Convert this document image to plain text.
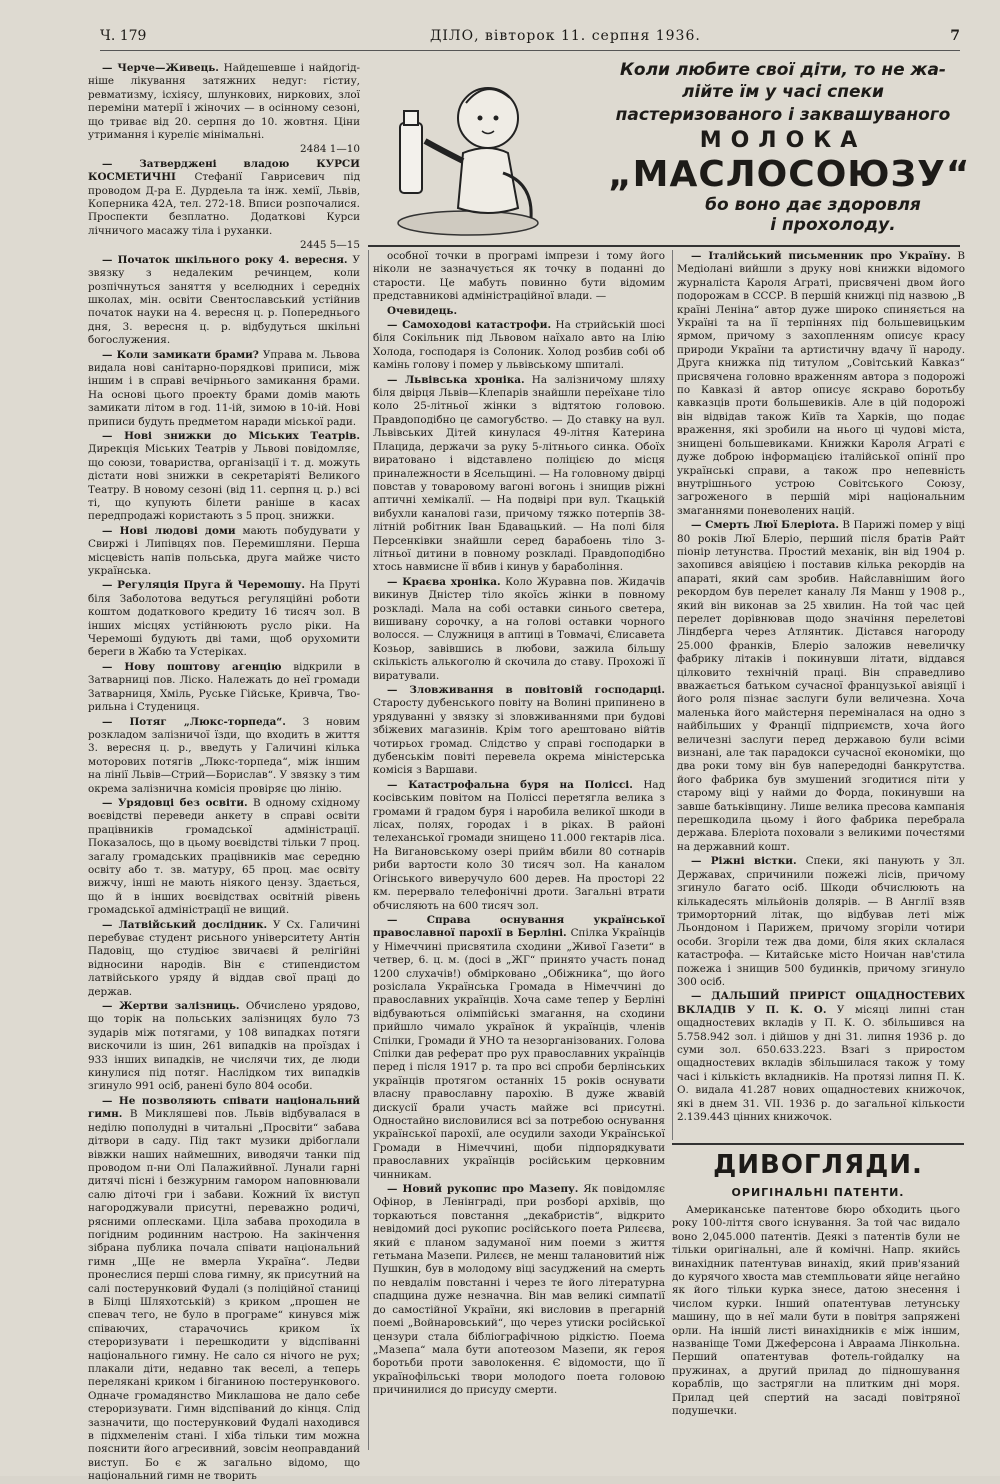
Ч. 179	ДІЛО, вівторок 11. серпня 1936.	7
Коли любите свої діти, то не жа-
лійте їм у часі спеки
пастеризованого і заквашуваного
МОЛОКА
„МАСЛОСОЮЗУ“
бо воно дає здоровля
і прохолоду.

— Черче—Живець. Найдешевше і найдогід-ніше лікування затяжних недуг: гістиу, ревматизму, ісхіясу, шлункових, ниркових, злої переміни матерії і жіночих — в осінному сезоні, що триває від 20. серпня до 10. жовтня. Ціни утримання і куреліє мінімальні.

2484 1—10

— Затверджені владою КУРСИ КОСМЕТИЧНІ Стефанії Гаврисевич під проводом Д-ра Е. Дурдеьла та інж. хемії, Львів, Коперника 42А, тел. 272-18. Вписи розпочалися. Проспекти безплатно. Додаткові Курси лічничого масажу тіла і руханки.

2445 5—15

— Початок шкільного року 4. вересня. У звязку з недалеким речинцем, коли розпічнуться заняття у вселюдних і середніх школах, мін. освіти Свентославський устійнив початок науки на 4. вересня ц. р. Попереднього дня, 3. вересня ц. р. відбудуться шкільні богослужения.

— Коли замикати брами? Управа м. Львова видала нові санітарно-порядкові приписи, між іншим і в справі вечірнього замикання брами. На основі цього проекту брами домів мають замикати літом в год. 11-ій, зимою в 10-ій. Нові приписи будуть предметом наради міської ради.

— Нові знижки до Міських Театрів. Дирекція Міських Театрів у Львові повідомляє, що союзи, товариства, організації і т. д. можуть дістати нові знижки в секретаріяті Великого Театру. В новому сезоні (від 11. серпня ц. р.) всі ті, що купують білети раніше в касах передпродажі користають з 5 проц. знижки.

— Нові людові доми мають побудувати у Свиржі і Липівцях пов. Перемишляни. Перша місцевість напів польська, друга майже чисто українська.

— Регуляція Пруга й Черемошу. На Пруті біля Заболотова ведуться регуляційні роботи коштом додаткового кредиту 16 тисяч зол. В інших місцях устійнюють русло ріки. На Черемоші будують дві тами, щоб орухомити береги в Жабю та Устеріках.

— Нову поштову агенцію відкрили в Затварниці пов. Ліско. Належать до неї громади Затварниця, Хміль, Руське Гійське, Кривча, Тво-рильна і Студениця.

— Потяг „Люкс-торпеда“. З новим розкладом залізничої їзди, що входить в життя 3. вересня ц. р., введуть у Галичині кілька моторових потягів „Люкс-торпеда“, між іншим на лінії Львів—Стрий—Борислав“. У звязку з тим окрема залізнична комісія провіряє цю лінію.

— Урядовці без освіти. В одному східному воєвідстві переведи анкету в справі освіти працівників громадської адміністрації. Показалось, що в цьому воєвідстві тільки 7 проц. загалу громадських працівників має середню освіту або т. зв. матуру, 65 проц. має освіту вижчу, інші не мають ніякого цензу. Здається, що й в інших воєвідствах освітній рівень громадської адміністрації не вищий.

— Латвійський дослідник. У Сх. Галичині перебуває студент рисьного університету Антін Падовіц, що студіює звичаєві й релігійні відносини народів. Він є стипендистом латвійського уряду й віддав свої праці до держав.

— Жертви залізниць. Обчислено урядово, що торік на польських залізницях було 73 зударів між потягами, у 108 випадках потяги вискочили із шин, 261 випадків на проїздах і 933 інших випадків, не числячи тих, де люди кинулися під потяг. Наслідком тих випадків згинуло 991 осіб, ранені було 804 особи.

— Не позволяють співати національний гимн. В Микляшеві пов. Львів відбувалася в неділю пополудні в читальні „Просвіти“ забава дітвори в саду. Під такт музики дрібоглали вівжки наших наймешних, виводячи танки під проводом п-ни Олі Палажийвної. Лунали гарні дитячі пісні і безжурним гамором наповнювали салю діточі гри і забави. Кожний їх виступ нагороджували присутні, переважно родичі, рясними оплесками. Ціла забава проходила в погідним родинним настрою. На закінчення зібрана публика почала співати національний гимн „Ще не вмерла Україна“. Ледви пронеслися перші слова гимну, як присутний на салі постерунковий Фудалі (з поліційної станиці в Білці Шляхотській) з криком „прошен не спевач тего, не було в програме“ кинувся між співаючих, старачочись криком їх стероризувати і перешкодити у відспіванні національного гимну. Не сало ся нічого не рух; плакали діти, недавно так веселі, а теперь перелякані криком і біганиною постерункового. Одначе громадянство Миклашова не дало себе стероризувати. Гимн відспіваний до кінця. Слід зазначити, що постерунковий Фудалі находився в підхмеленім стані. І хіба тільки тим можна пояснити його агресивний, зовсім неоправданий виступ. Бо є ж загально відомо, що національний гимн не творить

особної точки в програмі імпрези і тому його ніколи не зазначується як точку в поданні до старости. Це мабуть повинно бути відомим представникові адміністраційної влади. —

Очевидець.

— Самоходові катастрофи. На стрийській шосі біля Сокільник під Львовом наїхало авто на Ілію Холода, господаря із Солоник. Холод розбив собі об камінь голову і помер у львівському шпиталі.

— Львівська хроніка. На залізничому шляху біля двірця Львів—Клепарів знайшли переїхане тіло коло 25-літньої жінки з відтятою головою. Правдоподібно це самогубство. — До ставку на вул. Львівських Дітей кинулася 49-літня Катерина Плацида, держачи за руку 5-літнього синка. Обоїх виратовано і відставлено поліцією до місця приналежности в Ясельщині. — На головному двірці повстав у товаровому вагоні вогонь і знищив ріжні аптичні хемікалії. — На подвірі при вул. Ткацькій вибухли каналові гази, причому тяжко потерпів 38-літній робітник Іван Бдавацький. — На полі біля Персенківки знайшли серед барабоень тіло 3-літньої дитини в повному розкладі. Правдоподібно хтось навмисне її вбив і кинув у барабоління.

— Краєва хроніка. Коло Журавна пов. Жидачів викинув Дністер тіло якоїсь жінки в повному розкладі. Мала на собі оставки синього светера, вишивану сорочку, а на голові оставки чорного волосся. — Служниця в аптиці в Товмачі, Єлисавета Козьор, завівшись в любови, зажила більшу скількість алькоголю й скочила до ставу. Прохожі її виратували.

— Зловживання в повітовій господарці. Старосту дубенського повіту на Волині припинено в урядуванні у звязку зі зловживаннями при будові збіжевих магазинів. Крім того арештовано війтів чотирьох громад. Слідство у справі господарки в дубенськім повіті перевела окрема міністерська комісія з Варшави.

— Катастрофальна буря на Поліссі. Над косівським повітом на Поліссі перетягла велика з громами й градом буря і наробила великої шкоди в лісах, полях, городах і в ріках. В районі телеханської громади знищено 11.000 гектарів ліса. На Вигановському озері прийм вбили 80 сотнарів риби вартости коло 30 тисяч зол. На каналом Огінського виверучуло 600 дерев. На просторі 22 км. перервало телефонічні дроти. Загальні втрати обчисляють на 600 тисяч зол.

— Справа оснування української православної парохії в Берліні. Спілка Українців у Німеччині присвятила сходини „Живої Газети“ в четвер, 6. ц. м. (досі в „ЖГ“ принято участь понад 1200 слухачів!) обмірковано „Обіжника“, що його розіслала Українська Громада в Німеччині до православних українців. Хоча саме тепер у Берліні відбуваються олімпійські змагання, на сходини прийшло чимало українок й українців, членів Спілки, Громади й УНО та незорганізованих. Голова Спілки дав реферат про рух православних українців перед і після 1917 р. та про всі спроби берлінських українців протягом останніх 15 років оснувати власну православну парохію. В дуже жвавій дискусії брали участь майже всі присутні. Одностайно висловилися всі за потребою оснування української парохії, але осудили заходи Української Громади в Німеччині, щоби підпорядкувати православних українців російським церковним чинникам.

— Новий рукопис про Мазепу. Як повідомляє Офінор, в Ленінграді, при розборі архівів, що торкаються повстання „декабристів“, відкрито невідомий досі рукопис російського поета Рилєєва, який є планом задуманої ним поеми з життя гетьмана Мазепи. Рилєєв, не менш талановитий ніж Пушкин, був в молодому віці засуджений на смерть по невдалім повстанні і через те його літературна спадщина дуже незначна. Він мав великі симпатії до самостійної України, які висловив в прегарній поемі „Войнаровський“, що через утиски російської цензури стала бібліографічною рідкістю. Поема „Мазепа“ мала бути апотеозом Мазепи, як героя боротьби проти заволокення. Є відомости, що її українофільські твори молодого поета головою причинилися до присуду смерти.

— Італійський письменник про Україну. В Медіолані вийшли з друку нові книжки відомого журналіста Кароля Аграті, присвячені двом його подорожам в СССР. В першій книжці під назвою „В країні Леніна“ автор дуже широко спиняється на Україні та на її терпіннях під большевицьким ярмом, причому з захопленням описує красу природи України та артистичну вдачу її народу. Друга книжка під титулом „Совітський Кавказ“ присвячена головно враженням автора з подорожі по Кавказі й автор описує яскраво боротьбу кавказців проти большевиків. Але в цій подорожі він відвідав також Київ та Харків, що подає враження, які зробили на нього ці чудові міста, знищені большевиками. Книжки Кароля Аграті є дуже доброю інформацією італійської опінії про українські справи, а також про непевність внутрішнього устрою Совітського Союзу, загроженого в першій мірі національним змаганнями поневолених націй.

— Смерть Люї Блеріота. В Парижі помер у віці 80 років Люї Блеріо, перший після братів Райт піонір летунства. Простий механік, він від 1904 р. захопився авіяцією і поставив кілька рекордів на апараті, який сам зробив. Найславнішим його рекордом був перелет каналу Ля Манш у 1908 р., який він виконав за 25 хвилин. На той час цей перелет дорівнював щодо значіння перелетові Ліндберга через Атлянтик. Дістався нагороду 25.000 франків, Блеріо заложив невеличку фабрику літаків і покинувши літати, віддався цілковито технічній праці. Він справедливо вважається батьком сучасної французької авіяції і його роля пізнає заслуги були величезна. Хоча маленька його майстерня переміналася на одно з найбільших у Франції підприємств, хоча його величезні заслуги перед державою були всіми визнані, але так парадокси сучасної економіки, що два роки тому він був напередодні банкрутства. його фабрика був змушений згодитися піти у старому віці у найми до Форда, покинувши на завше батьківщину. Лише велика пресова кампанія перешкодила цьому і його фабрика перебрала держава. Блеріота поховали з великими почестями на державний кошт.

— Ріжні вістки. Спеки, які панують у Зл. Державах, спричинили пожежі лісів, причому згинуло багато осіб. Шкоди обчислюють на кількадесять мільйонів долярів. — В Англії взяв триморторний літак, що відбував леті між Льондоном і Парижем, причому згоріли чотири особи. Згоріли теж два доми, біля яких склалася катастрофа. — Китайське місто Ноичан нав'стила пожежа і знищив 500 будинків, причому згинуло 300 осіб.

— ДАЛЬШИЙ ПРИРІСТ ОЩАДНОСТЕВИХ ВКЛАДІВ У П. К. О. У місяці липні стан ощадностевих вкладів у П. К. О. збільшився на 5.758.942 зол. і дійшов у дні 31. липня 1936 р. до суми зол. 650.633.223. Взагі з приростом ощадностевих вкладів збільшилася також у тому часі і кількість вкладників. На протязі липня П. К. О. видала 41.287 нових ощадностевих книжочок, які в днем 31. VII. 1936 р. до загальної кількости 2.139.443 цінних книжочок.

ДИВОГЛЯДИ.
ОРИГІНАЛЬНІ ПАТЕНТИ.

Американське патентове бюро обходить цього року 100-ліття свого існування. За той час видало воно 2,045.000 патентів. Деякі з патентів були не тільки оригінальні, але й комічні. Напр. якийсь винахідник патентував винахід, який прив'язаний до курячого хвоста мав стемпльовати яйце негайно як його тільки курка знесе, датою знесення і числом курки. Інший опатентував летунську машину, що в неї мали бути в повітря запряжені орли. На іншій листі винахідників є між іншим, названіще Томи Джеферсона і Авраама Лінкольна. Перший опатентував фотель-гойдалку на пружинах, а другий прилад до підношування кораблів, що застрягли на плитким дні моря. Прилад цей спертий на засаді повітряної подушечки.
